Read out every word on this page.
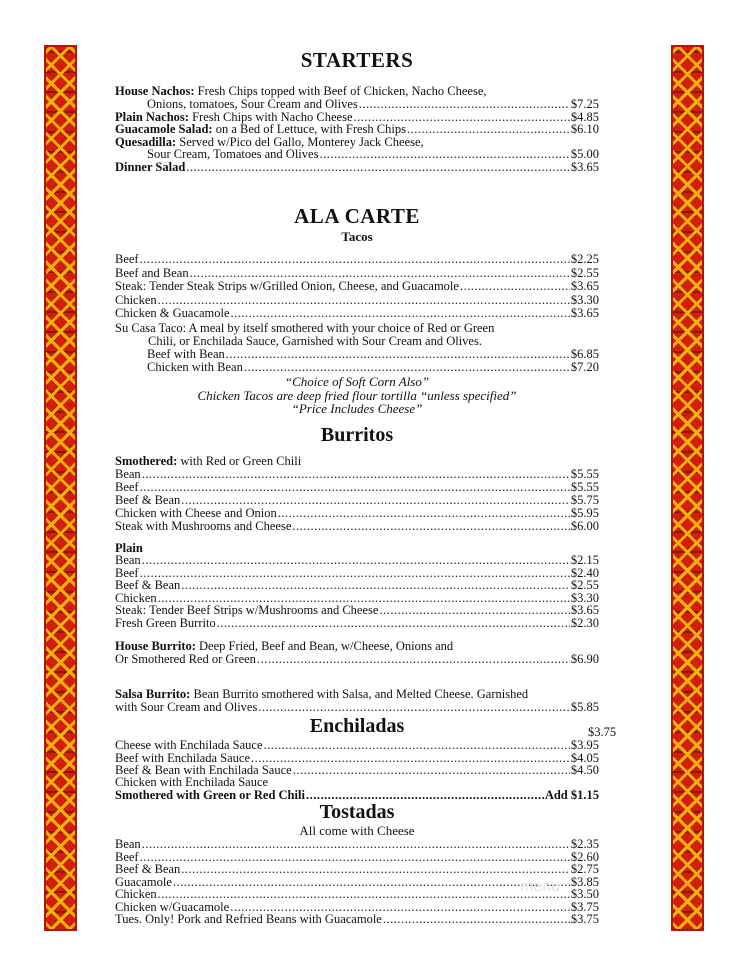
STARTERS
House Nachos: Fresh Chips topped with Beef of Chicken, Nacho Cheese,
Onions, tomatoes, Sour Cream and Olives .....	$7.25
Plain Nachos: Fresh Chips with Nacho Cheese .....	$4.85
Guacamole Salad: on a Bed of Lettuce, with Fresh Chips .....	$6.10
Quesadilla: Served w/Pico del Gallo, Monterey Jack Cheese,
Sour Cream, Tomatoes and Olives .....	$5.00
Dinner Salad .....	$3.65
ALA CARTE
Tacos
Beef .....	$2.25
Beef and Bean .....	$2.55
Steak: Tender Steak Strips w/Grilled Onion, Cheese, and Guacamole .....	$3.65
Chicken .....	$3.30
Chicken & Guacamole .....	$3.65
Su Casa Taco: A meal by itself smothered with your choice of Red or Green
Chili, or Enchilada Sauce, Garnished with Sour Cream and Olives.
Beef with Bean .....	$6.85
Chicken with Bean .....	$7.20
“Choice of Soft Corn Also”
Chicken Tacos are deep fried flour tortilla “unless specified”
“Price Includes Cheese”
Burritos
Smothered: with Red or Green Chili
Bean .....	$5.55
Beef .....	$5.55
Beef & Bean .....	$5.75
Chicken with Cheese and Onion .....	$5.95
Steak with Mushrooms and Cheese .....	$6.00
Plain
Bean .....	$2.15
Beef .....	$2.40
Beef & Bean .....	$2.55
Chicken .....	$3.30
Steak: Tender Beef Strips w/Mushrooms and Cheese .....	$3.65
Fresh Green Burrito .....	$2.30
House Burrito: Deep Fried, Beef and Bean, w/Cheese, Onions and
Or Smothered Red or Green .....	$6.90
Salsa Burrito: Bean Burrito smothered with Salsa, and Melted Cheese. Garnished
with Sour Cream and Olives .....	$5.85
Enchiladas	$3.75
Cheese with Enchilada Sauce .....	$3.95
Beef with Enchilada Sauce .....	$4.05
Beef & Bean with Enchilada Sauce .....	$4.50
Chicken with Enchilada Sauce
Smothered with Green or Red Chili .....	Add $1.15
Tostadas
All come with Cheese
Bean .....	$2.35
Beef .....	$2.60
Beef & Bean .....	$2.75
Guacamole .....	$3.85
Chicken .....	$3.50
Chicken w/Guacamole .....	$3.75
Tues. Only! Pork and Refried Beans with Guacamole .....	$3.75
menu
